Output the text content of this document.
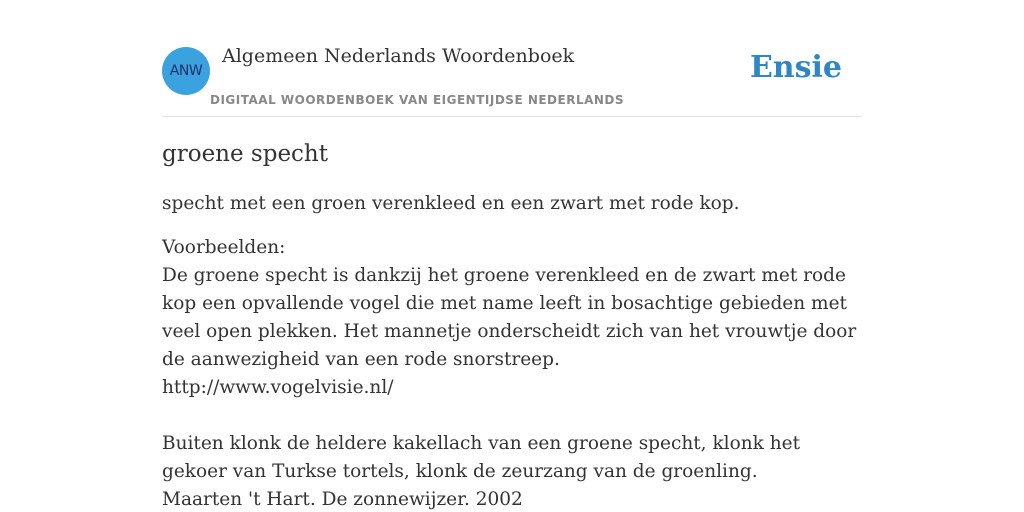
ANW
Algemeen Nederlands Woordenboek
DIGITAAL WOORDENBOEK VAN EIGENTIJDSE NEDERLANDS
Ensie
groene specht

specht met een groen verenkleed en een zwart met rode kop.

Voorbeelden:

De groene specht is dankzij het groene verenkleed en de zwart met rode kop een opvallende vogel die met name leeft in bosachtige gebieden met veel open plekken. Het mannetje onderscheidt zich van het vrouwtje door de aanwezigheid van een rode snorstreep.

http://www.vogelvisie.nl/

Buiten klonk de heldere kakellach van een groene specht, klonk het gekoer van Turkse tortels, klonk de zeurzang van de groenling.

Maarten 't Hart. De zonnewijzer. 2002
